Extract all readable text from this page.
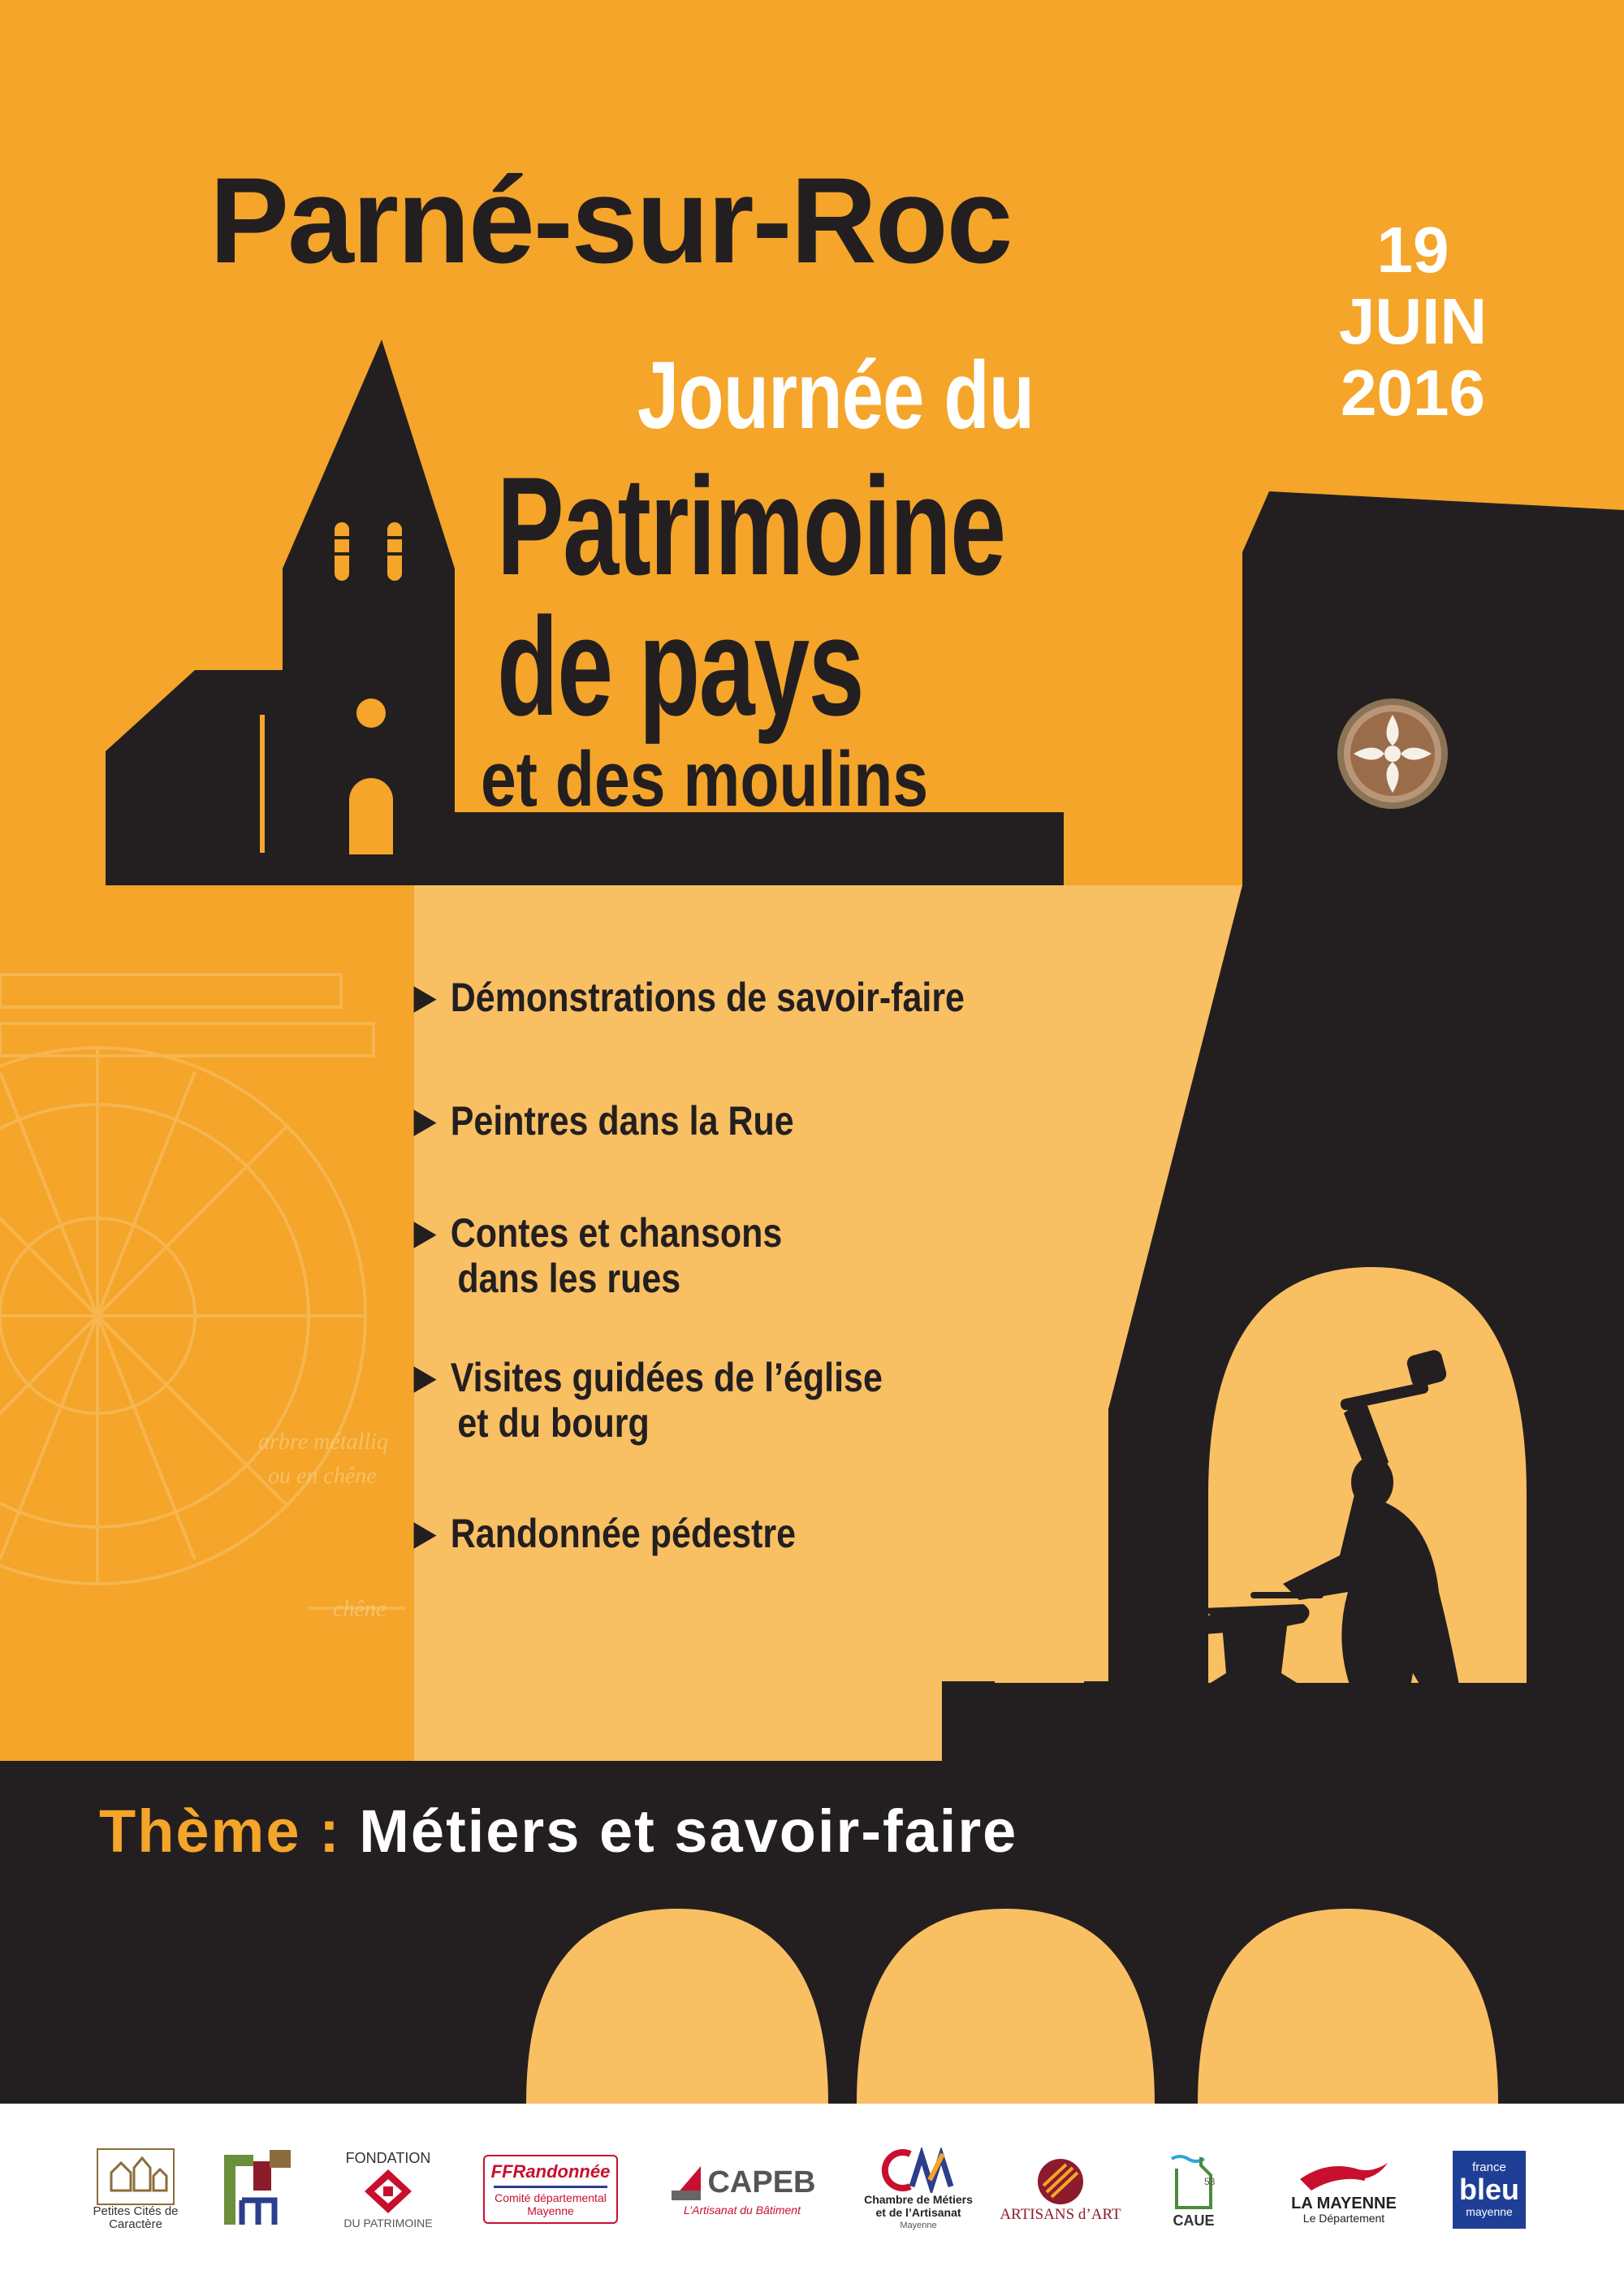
arbre métalliq
ou en chêne
chêne
Parné-sur-Roc
Journée du
Patrimoine
de pays
et des moulins
19
JUIN
2016
▶ Démonstrations de savoir-faire
▶ Peintres dans la Rue
▶ Contes et chansons
dans les rues
▶ Visites guidées de l’église
et du bourg
▶ Randonnée pédestre
Thème : Métiers et savoir-faire
Petites Cités de Caractère
FONDATION
DU PATRIMOINE
FFRandonnée
Comité départemental
Mayenne
CAPEB
L’Artisanat du Bâtiment
Chambre de Métiers
et de l’Artisanat
Mayenne
ARTISANS d’ART
53
CAUE
LA MAYENNE
Le Département
france
bleu
mayenne
